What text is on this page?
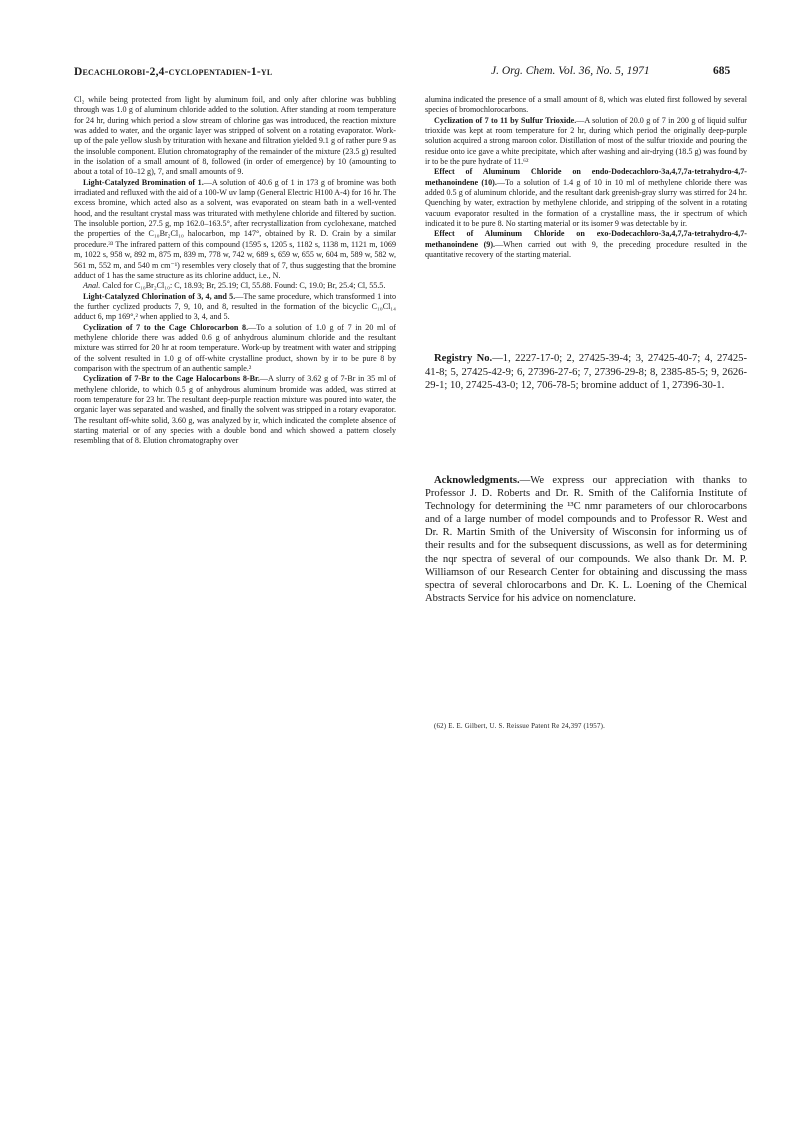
Decachlorobi-2,4-cyclopentadien-1-yl	J. Org. Chem. Vol. 36, No. 5, 1971	685

Cl₂ while being protected from light by aluminum foil, and only after chlorine was bubbling through was 1.0 g of aluminum chloride added to the solution. After standing at room temperature for 24 hr, during which period a slow stream of chlorine gas was introduced, the reaction mixture was added to water, and the organic layer was stripped of solvent on a rotating evaporator. Work-up of the pale yellow slush by trituration with hexane and filtration yielded 9.1 g of rather pure 9 as the insoluble component. Elution chromatography of the remainder of the mixture (23.5 g) resulted in the isolation of a small amount of 8, followed (in order of emergence) by 10 (amounting to about a total of 10–12 g), 7, and small amounts of 9.

Light-Catalyzed Bromination of 1.—A solution of 40.6 g of 1 in 173 g of bromine was both irradiated and refluxed with the aid of a 100-W uv lamp (General Electric H100 A-4) for 16 hr. The excess bromine, which acted also as a solvent, was evaporated on steam bath in a well-vented hood, and the resultant crystal mass was triturated with methylene chloride and filtered by suction. The insoluble portion, 27.5 g, mp 162.0–163.5°, after recrystallization from cyclohexane, matched the properties of the C₁₀Br₂Cl₁₀ halocarbon, mp 147°, obtained by R. D. Crain by a similar procedure.³³ The infrared pattern of this compound (1595 s, 1205 s, 1182 s, 1138 m, 1121 m, 1069 m, 1022 s, 958 w, 892 m, 875 m, 839 m, 778 w, 742 w, 689 s, 659 w, 655 w, 604 m, 589 w, 582 w, 561 m, 552 m, and 540 m cm⁻¹) resembles very closely that of 7, thus suggesting that the bromine adduct of 1 has the same structure as its chlorine adduct, i.e., N.

Anal. Calcd for C₁₀Br₂Cl₁₀: C, 18.93; Br, 25.19; Cl, 55.88. Found: C, 19.0; Br, 25.4; Cl, 55.5.

Light-Catalyzed Chlorination of 3, 4, and 5.—The same procedure, which transformed 1 into the further cyclized products 7, 9, 10, and 8, resulted in the formation of the bicyclic C₁₀Cl₁₄ adduct 6, mp 169°,² when applied to 3, 4, and 5.

Cyclization of 7 to the Cage Chlorocarbon 8.—To a solution of 1.0 g of 7 in 20 ml of methylene chloride there was added 0.6 g of anhydrous aluminum chloride and the resultant mixture was stirred for 20 hr at room temperature. Work-up by treatment with water and stripping of the solvent resulted in 1.0 g of off-white crystalline product, shown by ir to be pure 8 by comparison with the spectrum of an authentic sample.²

Cyclization of 7-Br to the Cage Halocarbons 8-Br.—A slurry of 3.62 g of 7-Br in 35 ml of methylene chloride, to which 0.5 g of anhydrous aluminum bromide was added, was stirred at room temperature for 23 hr. The resultant deep-purple reaction mixture was poured into water, the organic layer was separated and washed, and finally the solvent was stripped in a rotary evaporator. The resultant off-white solid, 3.60 g, was analyzed by ir, which indicated the complete absence of starting material or of any species with a double bond and which showed a pattern closely resembling that of 8. Elution chromatography over

alumina indicated the presence of a small amount of 8, which was eluted first followed by several species of bromochlorocarbons.

Cyclization of 7 to 11 by Sulfur Trioxide.—A solution of 20.0 g of 7 in 200 g of liquid sulfur trioxide was kept at room temperature for 2 hr, during which period the originally deep-purple solution acquired a strong maroon color. Distillation of most of the sulfur trioxide and pouring the residue onto ice gave a white precipitate, which after washing and air-drying (18.5 g) was found by ir to be the pure hydrate of 11.⁶²

Effect of Aluminum Chloride on endo-Dodecachloro-3a,4,7,7a-tetrahydro-4,7-methanoindene (10).—To a solution of 1.4 g of 10 in 10 ml of methylene chloride there was added 0.5 g of aluminum chloride, and the resultant dark greenish-gray slurry was stirred for 24 hr. Quenching by water, extraction by methylene chloride, and stripping of the solvent in a rotating vacuum evaporator resulted in the formation of a crystalline mass, the ir spectrum of which indicated it to be pure 8. No starting material or its isomer 9 was detectable by ir.

Effect of Aluminum Chloride on exo-Dodecachloro-3a,4,7,7a-tetrahydro-4,7-methanoindene (9).—When carried out with 9, the preceding procedure resulted in the quantitative recovery of the starting material.

Registry No.—1, 2227-17-0; 2, 27425-39-4; 3, 27425-40-7; 4, 27425-41-8; 5, 27425-42-9; 6, 27396-27-6; 7, 27396-29-8; 8, 2385-85-5; 9, 2626-29-1; 10, 27425-43-0; 12, 706-78-5; bromine adduct of 1, 27396-30-1.

Acknowledgments.—We express our appreciation with thanks to Professor J. D. Roberts and Dr. R. Smith of the California Institute of Technology for determining the ¹³C nmr parameters of our chlorocarbons and of a large number of model compounds and to Professor R. West and Dr. R. Martin Smith of the University of Wisconsin for informing us of their results and for the subsequent discussions, as well as for determining the nqr spectra of several of our compounds. We also thank Dr. M. P. Williamson of our Research Center for obtaining and discussing the mass spectra of several chlorocarbons and Dr. K. L. Loening of the Chemical Abstracts Service for his advice on nomenclature.

(62) E. E. Gilbert, U. S. Reissue Patent Re 24,397 (1957).
